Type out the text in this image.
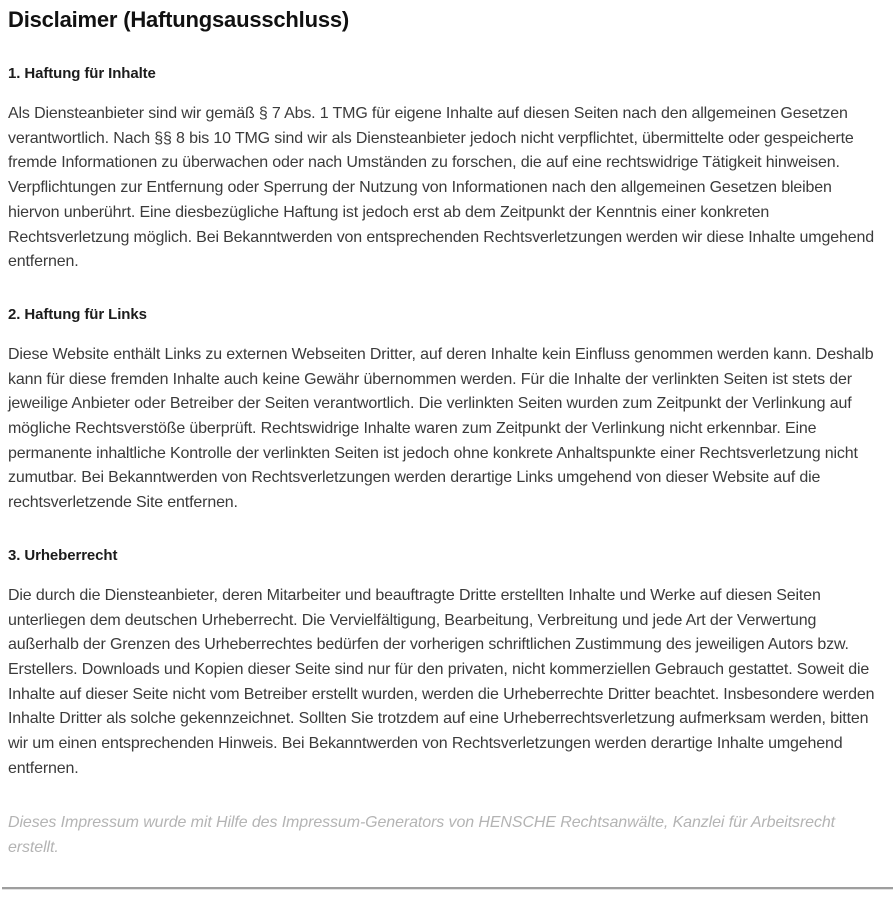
Disclaimer (Haftungsausschluss)
1. Haftung für Inhalte

Als Diensteanbieter sind wir gemäß § 7 Abs. 1 TMG für eigene Inhalte auf diesen Seiten nach den allgemeinen Gesetzen verantwortlich. Nach §§ 8 bis 10 TMG sind wir als Diensteanbieter jedoch nicht verpflichtet, übermittelte oder gespeicherte fremde Informationen zu überwachen oder nach Umständen zu forschen, die auf eine rechtswidrige Tätigkeit hinweisen. Verpflichtungen zur Entfernung oder Sperrung der Nutzung von Informationen nach den allgemeinen Gesetzen bleiben hiervon unberührt. Eine diesbezügliche Haftung ist jedoch erst ab dem Zeitpunkt der Kenntnis einer konkreten Rechtsverletzung möglich. Bei Bekanntwerden von entsprechenden Rechtsverletzungen werden wir diese Inhalte umgehend entfernen.

2. Haftung für Links

Diese Website enthält Links zu externen Webseiten Dritter, auf deren Inhalte kein Einfluss genommen werden kann. Deshalb kann für diese fremden Inhalte auch keine Gewähr übernommen werden. Für die Inhalte der verlinkten Seiten ist stets der jeweilige Anbieter oder Betreiber der Seiten verantwortlich. Die verlinkten Seiten wurden zum Zeitpunkt der Verlinkung auf mögliche Rechtsverstöße überprüft. Rechtswidrige Inhalte waren zum Zeitpunkt der Verlinkung nicht erkennbar. Eine permanente inhaltliche Kontrolle der verlinkten Seiten ist jedoch ohne konkrete Anhaltspunkte einer Rechtsverletzung nicht zumutbar. Bei Bekanntwerden von Rechtsverletzungen werden derartige Links umgehend von dieser Website auf die rechtsverletzende Site entfernen.

3. Urheberrecht

Die durch die Diensteanbieter, deren Mitarbeiter und beauftragte Dritte erstellten Inhalte und Werke auf diesen Seiten unterliegen dem deutschen Urheberrecht. Die Vervielfältigung, Bearbeitung, Verbreitung und jede Art der Verwertung außerhalb der Grenzen des Urheberrechtes bedürfen der vorherigen schriftlichen Zustimmung des jeweiligen Autors bzw. Erstellers. Downloads und Kopien dieser Seite sind nur für den privaten, nicht kommerziellen Gebrauch gestattet. Soweit die Inhalte auf dieser Seite nicht vom Betreiber erstellt wurden, werden die Urheberrechte Dritter beachtet. Insbesondere werden Inhalte Dritter als solche gekennzeichnet. Sollten Sie trotzdem auf eine Urheberrechtsverletzung aufmerksam werden, bitten wir um einen entsprechenden Hinweis. Bei Bekanntwerden von Rechtsverletzungen werden derartige Inhalte umgehend entfernen.

Dieses Impressum wurde mit Hilfe des Impressum-Generators von HENSCHE Rechtsanwälte, Kanzlei für Arbeitsrecht erstellt.
